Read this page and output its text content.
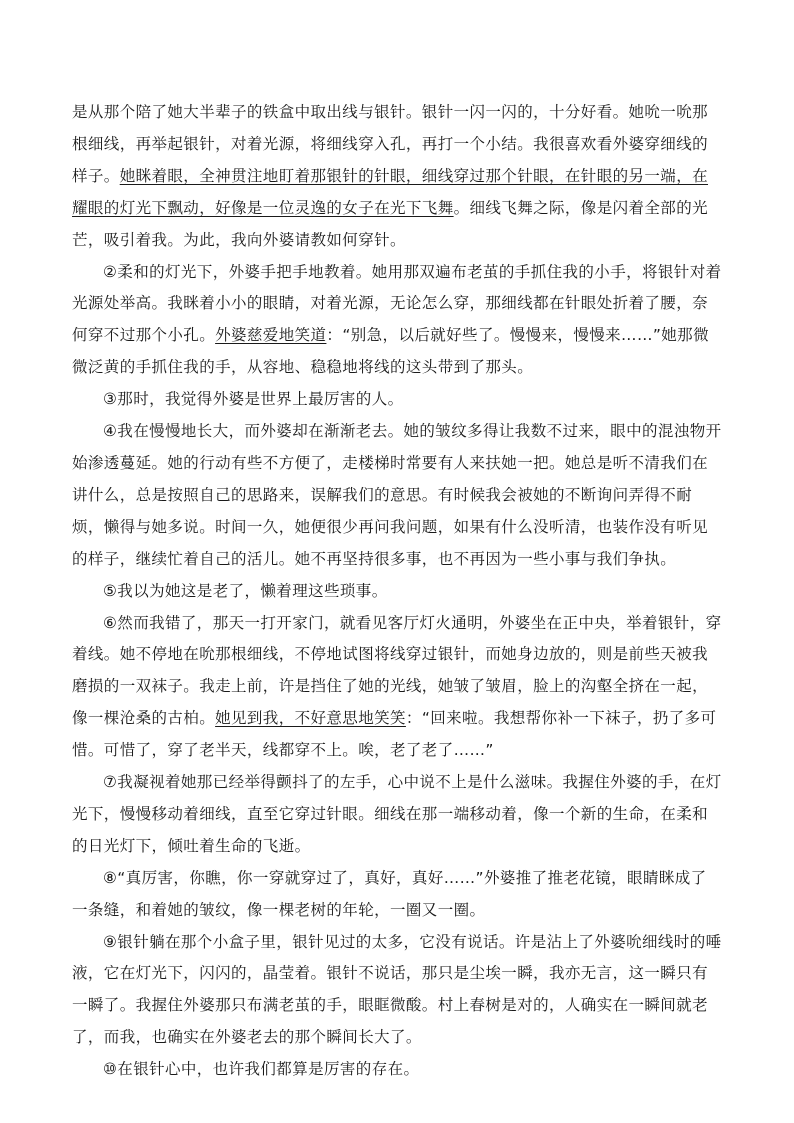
是从那个陪了她大半辈子的铁盒中取出线与银针。银针一闪一闪的，十分好看。她吮一吮那根细线，再举起银针，对着光源，将细线穿入孔，再打一个小结。我很喜欢看外婆穿细线的样子。她眯着眼，全神贯注地盯着那银针的针眼，细线穿过那个针眼，在针眼的另一端，在耀眼的灯光下飘动，好像是一位灵逸的女子在光下飞舞。细线飞舞之际，像是闪着全部的光芒，吸引着我。为此，我向外婆请教如何穿针。

②柔和的灯光下，外婆手把手地教着。她用那双遍布老茧的手抓住我的小手，将银针对着光源处举高。我眯着小小的眼睛，对着光源，无论怎么穿，那细线都在针眼处折着了腰，奈何穿不过那个小孔。外婆慈爱地笑道：“别急，以后就好些了。慢慢来，慢慢来……”她那微微泛黄的手抓住我的手，从容地、稳稳地将线的这头带到了那头。

③那时，我觉得外婆是世界上最厉害的人。

④我在慢慢地长大，而外婆却在渐渐老去。她的皱纹多得让我数不过来，眼中的混浊物开始渗透蔓延。她的行动有些不方便了，走楼梯时常要有人来扶她一把。她总是听不清我们在讲什么，总是按照自己的思路来，误解我们的意思。有时候我会被她的不断询问弄得不耐烦，懒得与她多说。时间一久，她便很少再问我问题，如果有什么没听清，也装作没有听见的样子，继续忙着自己的活儿。她不再坚持很多事，也不再因为一些小事与我们争执。

⑤我以为她这是老了，懒着理这些琐事。

⑥然而我错了，那天一打开家门，就看见客厅灯火通明，外婆坐在正中央，举着银针，穿着线。她不停地在吮那根细线，不停地试图将线穿过银针，而她身边放的，则是前些天被我磨损的一双袜子。我走上前，许是挡住了她的光线，她皱了皱眉，脸上的沟壑全挤在一起，像一棵沧桑的古柏。她见到我，不好意思地笑笑：“回来啦。我想帮你补一下袜子，扔了多可惜。可惜了，穿了老半天，线都穿不上。唉，老了老了……”

⑦我凝视着她那已经举得颤抖了的左手，心中说不上是什么滋味。我握住外婆的手，在灯光下，慢慢移动着细线，直至它穿过针眼。细线在那一端移动着，像一个新的生命，在柔和的日光灯下，倾吐着生命的飞逝。

⑧“真厉害，你瞧，你一穿就穿过了，真好，真好……”外婆推了推老花镜，眼睛眯成了一条缝，和着她的皱纹，像一棵老树的年轮，一圈又一圈。

⑨银针躺在那个小盒子里，银针见过的太多，它没有说话。许是沾上了外婆吮细线时的唾液，它在灯光下，闪闪的，晶莹着。银针不说话，那只是尘埃一瞬，我亦无言，这一瞬只有一瞬了。我握住外婆那只布满老茧的手，眼眶微酸。村上春树是对的，人确实在一瞬间就老了，而我，也确实在外婆老去的那个瞬间长大了。

⑩在银针心中，也许我们都算是厉害的存在。
